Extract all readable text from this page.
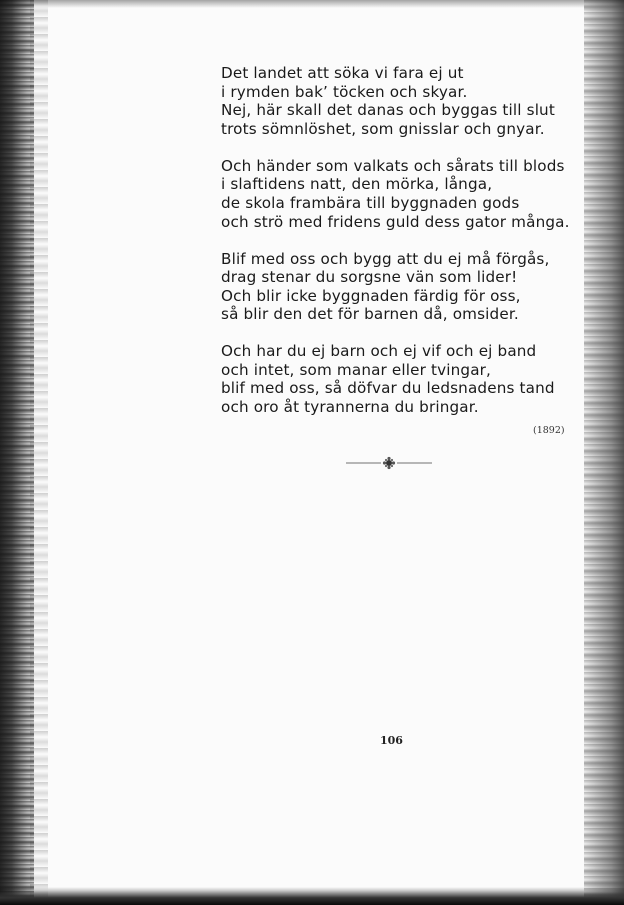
Det landet att söka vi fara ej ut
i rymden bak’ töcken och skyar.
Nej, här skall det danas och byggas till slut
trots sömnlöshet, som gnisslar och gnyar.
Och händer som valkats och sårats till blods
i slaftidens natt, den mörka, långa,
de skola frambära till byggnaden gods
och strö med fridens guld dess gator många.
Blif med oss och bygg att du ej må förgås,
drag stenar du sorgsne vän som lider!
Och blir icke byggnaden färdig för oss,
så blir den det för barnen då, omsider.
Och har du ej barn och ej vif och ej band
och intet, som manar eller tvingar,
blif med oss, så döfvar du ledsnadens tand
och oro åt tyrannerna du bringar.
(1892)
106
